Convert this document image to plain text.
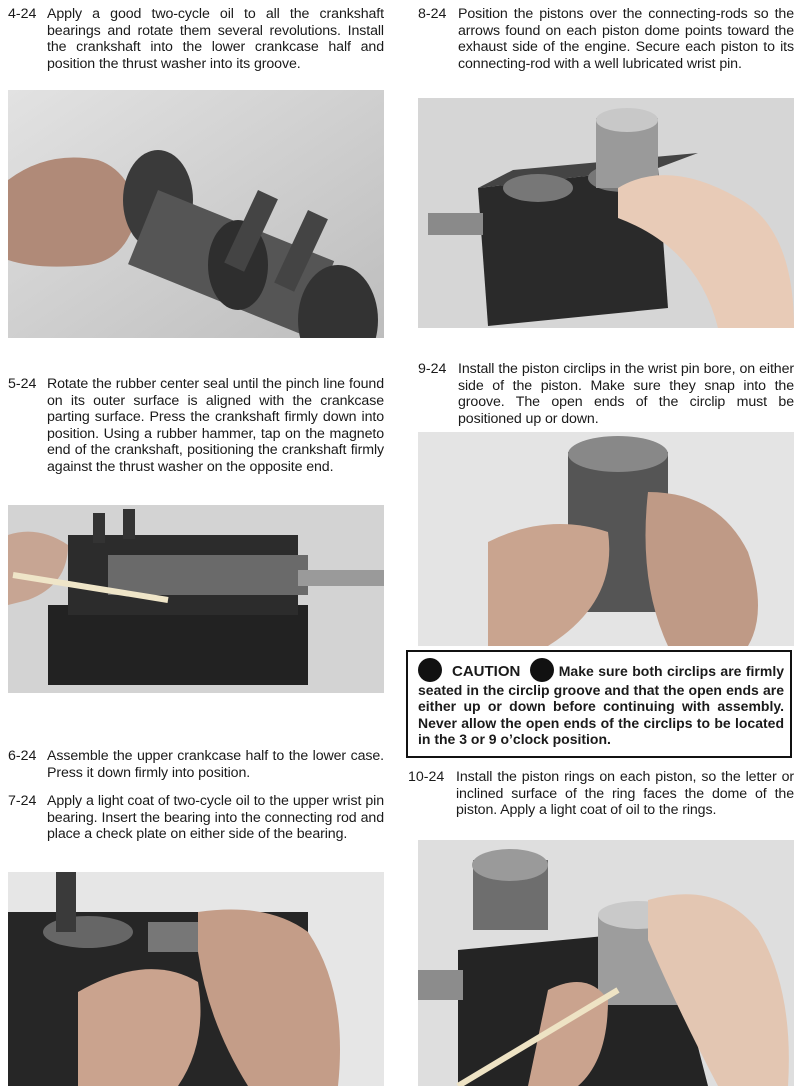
4-24 Apply a good two-cycle oil to all the crankshaft bearings and rotate them several revolutions. Install the crankshaft into the lower crankcase half and position the thrust washer into its groove.
8-24 Position the pistons over the connecting-rods so the arrows found on each piston dome points toward the exhaust side of the engine. Secure each piston to its connecting-rod with a well lubricated wrist pin.
5-24 Rotate the rubber center seal until the pinch line found on its outer surface is aligned with the crankcase parting surface. Press the crankshaft firmly down into position. Using a rubber hammer, tap on the magneto end of the crankshaft, positioning the crankshaft firmly against the thrust washer on the opposite end.
9-24 Install the piston circlips in the wrist pin bore, on either side of the piston. Make sure they snap into the groove. The open ends of the circlip must be positioned up or down.
CAUTION	Make sure both circlips are firmly seated in the circlip groove and that the open ends are either up or down before continuing with assembly. Never allow the open ends of the circlips to be located in the 3 or 9 o’clock position.
6-24 Assemble the upper crankcase half to the lower case. Press it down firmly into position.
7-24 Apply a light coat of two-cycle oil to the upper wrist pin bearing. Insert the bearing into the connecting rod and place a check plate on either side of the bearing.
10-24 Install the piston rings on each piston, so the letter or inclined surface of the ring faces the dome of the piston. Apply a light coat of oil to the rings.
